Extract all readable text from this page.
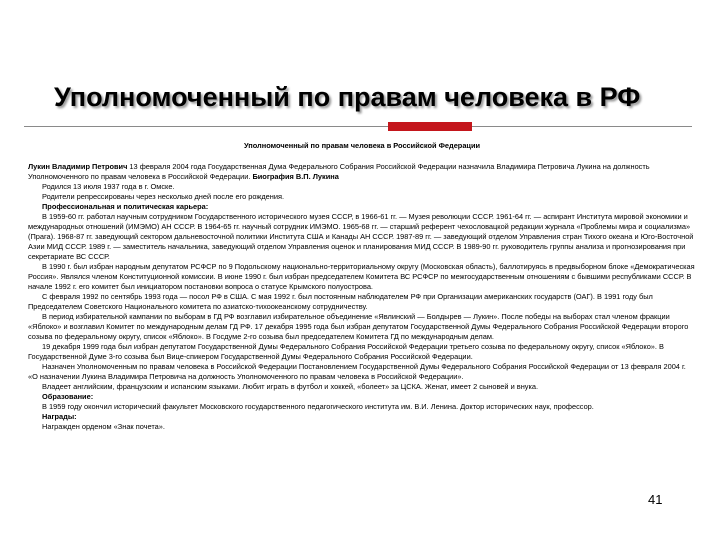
Уполномоченный по правам человека в РФ

Уполномоченный по правам человека в Российской Федерации

Лукин Владимир Петрович 13 февраля 2004 года Государственная Дума Федерального Собрания Российской Федерации назначила Владимира Петровича Лукина на должность Уполномоченного по правам человека в Российской Федерации. Биография В.П. Лукина

Родился 13 июля 1937 года в г. Омске.

Родители репрессированы через несколько дней после его рождения.

Профессиональная и политическая карьера:

В 1959-60 гг. работал научным сотрудником Государственного исторического музея СССР, в 1966-61 гг. — Музея революции СССР. 1961-64 гг. — аспирант Института мировой экономики и международных отношений (ИМЭМО) АН СССР. В 1964-65 гг. научный сотрудник ИМЭМО. 1965-68 гг. — старший референт чехословацкой редакции журнала «Проблемы мира и социализма» (Прага). 1968-87 гг. заведующий сектором дальневосточной политики Института США и Канады АН СССР. 1987-89 гг. — заведующий отделом Управления стран Тихого океана и Юго-Восточной Азии МИД СССР. 1989 г. — заместитель начальника, заведующий отделом Управления оценок и планирования МИД СССР. В 1989-90 гг. руководитель группы анализа и прогнозирования при секретариате ВС СССР.

В 1990 г. был избран народным депутатом РСФСР по 9 Подольскому национально-территориальному округу (Московская область), баллотируясь в предвыборном блоке «Демократическая Россия». Являлся членом Конституционной комиссии. В июне 1990 г. был избран председателем Комитета ВС РСФСР по межгосударственным отношениям с бывшими республиками СССР. В начале 1992 г. его комитет был инициатором постановки вопроса о статусе Крымского полуострова.

С февраля 1992 по сентябрь 1993 года — посол РФ в США. С мая 1992 г. был постоянным наблюдателем РФ при Организации американских государств (ОАГ). В 1991 году был Председателем Советского Национального комитета по азиатско-тихоокеанскому сотрудничеству.

В период избирательной кампании по выборам в ГД РФ возглавил избирательное объединение «Явлинский — Болдырев — Лукин». После победы на выборах стал членом фракции «Яблоко» и возглавил Комитет по международным делам ГД РФ. 17 декабря 1995 года был избран депутатом Государственной Думы Федерального Собрания Российской Федерации второго созыва по федеральному округу, список «Яблоко». В Госдуме 2-го созыва был председателем Комитета ГД по международным делам.

19 декабря 1999 года был избран депутатом Государственной Думы Федерального Собрания Российской Федерации третьего созыва по федеральному округу, список «Яблоко». В Государственной Думе 3-го созыва был Вице-спикером Государственной Думы Федерального Собрания Российской Федерации.

Назначен Уполномоченным по правам человека в Российской Федерации Постановлением Государственной Думы Федерального Собрания Российской Федерации от 13 февраля 2004 г. «О назначении Лукина Владимира Петровича на должность Уполномоченного по правам человека в Российской Федерации».

Владеет английским, французским и испанским языками. Любит играть в футбол и хоккей, «болеет» за ЦСКА. Женат, имеет 2 сыновей и внука.

Образование:

В 1959 году окончил исторический факультет Московского государственного педагогического института им. В.И. Ленина. Доктор исторических наук, профессор.

Награды:

Награжден орденом «Знак почета».

41
